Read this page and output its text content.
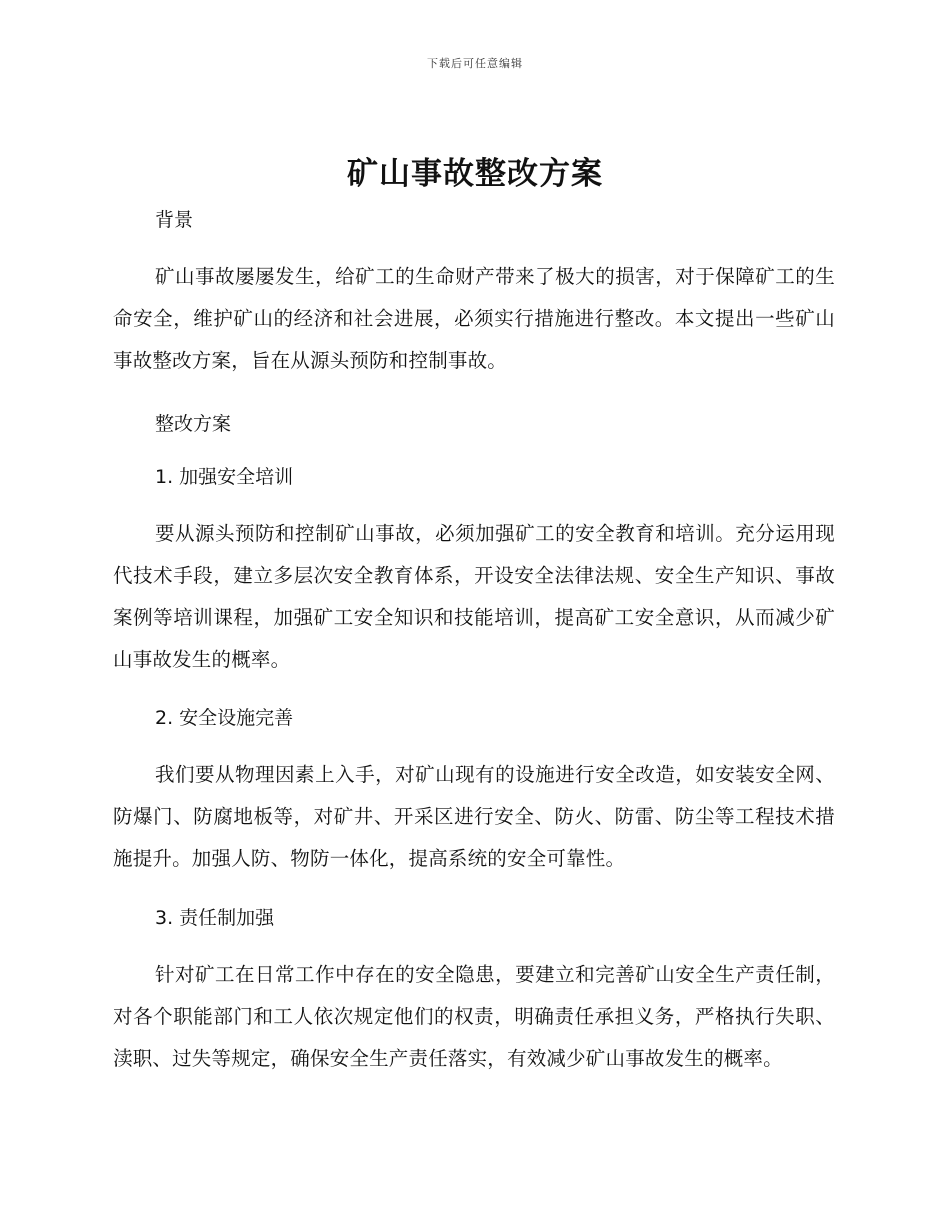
下载后可任意编辑
矿山事故整改方案
背景

矿山事故屡屡发生，给矿工的生命财产带来了极大的损害，对于保障矿工的生命安全，维护矿山的经济和社会进展，必须实行措施进行整改。本文提出一些矿山事故整改方案，旨在从源头预防和控制事故。

整改方案
1. 加强安全培训

要从源头预防和控制矿山事故，必须加强矿工的安全教育和培训。充分运用现代技术手段，建立多层次安全教育体系，开设安全法律法规、安全生产知识、事故案例等培训课程，加强矿工安全知识和技能培训，提高矿工安全意识，从而减少矿山事故发生的概率。

2. 安全设施完善

我们要从物理因素上入手，对矿山现有的设施进行安全改造，如安装安全网、防爆门、防腐地板等，对矿井、开采区进行安全、防火、防雷、防尘等工程技术措施提升。加强人防、物防一体化，提高系统的安全可靠性。

3. 责任制加强

针对矿工在日常工作中存在的安全隐患，要建立和完善矿山安全生产责任制，对各个职能部门和工人依次规定他们的权责，明确责任承担义务，严格执行失职、渎职、过失等规定，确保安全生产责任落实，有效减少矿山事故发生的概率。
